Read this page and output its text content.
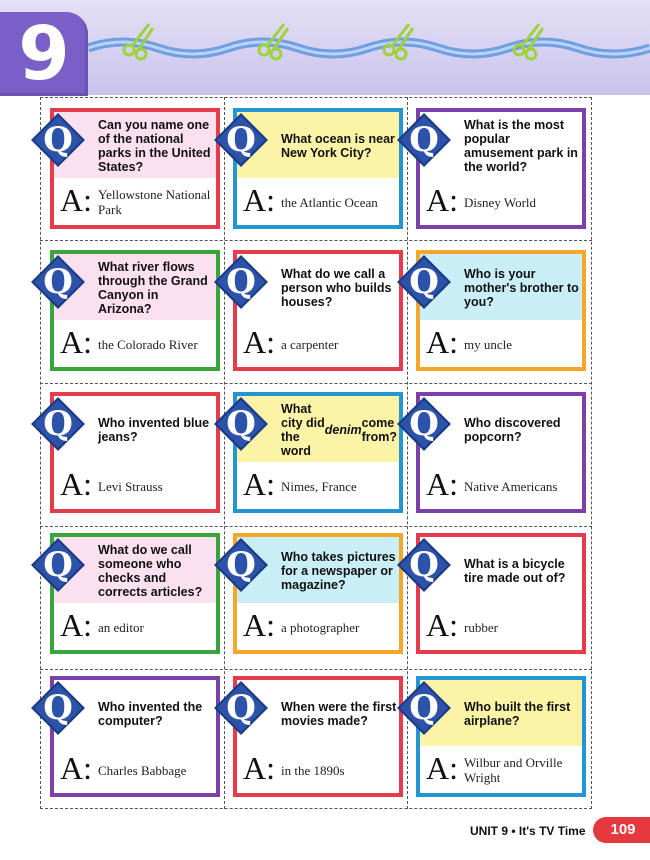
9
Q	Can you name one of the national parks in the United States?
A: Yellowstone National Park
Q	What ocean is near New York City?
A: the Atlantic Ocean
Q	What is the most popular amusement park in the world?
A: Disney World
Q	What river flows through the Grand Canyon in Arizona?
A: the Colorado River
Q	What do we call a person who builds houses?
A: a carpenter
Q	Who is your mother's brother to you?
A: my uncle
Q	Who invented blue jeans?
A: Levi Strauss
Q	What city did the word
denim come from?
A: Nimes, France
Q	Who discovered popcorn?
A: Native Americans
Q	What do we call someone who checks and corrects articles?
A: an editor
Q	Who takes pictures for a newspaper or magazine?
A: a photographer
Q	What is a bicycle tire made out of?
A: rubber
Q	Who invented the computer?
A: Charles Babbage
Q	When were the first movies made?
A: in the 1890s
Q	Who built the first airplane?
A: Wilbur and Orville Wright
UNIT 9 • It's TV Time	109
